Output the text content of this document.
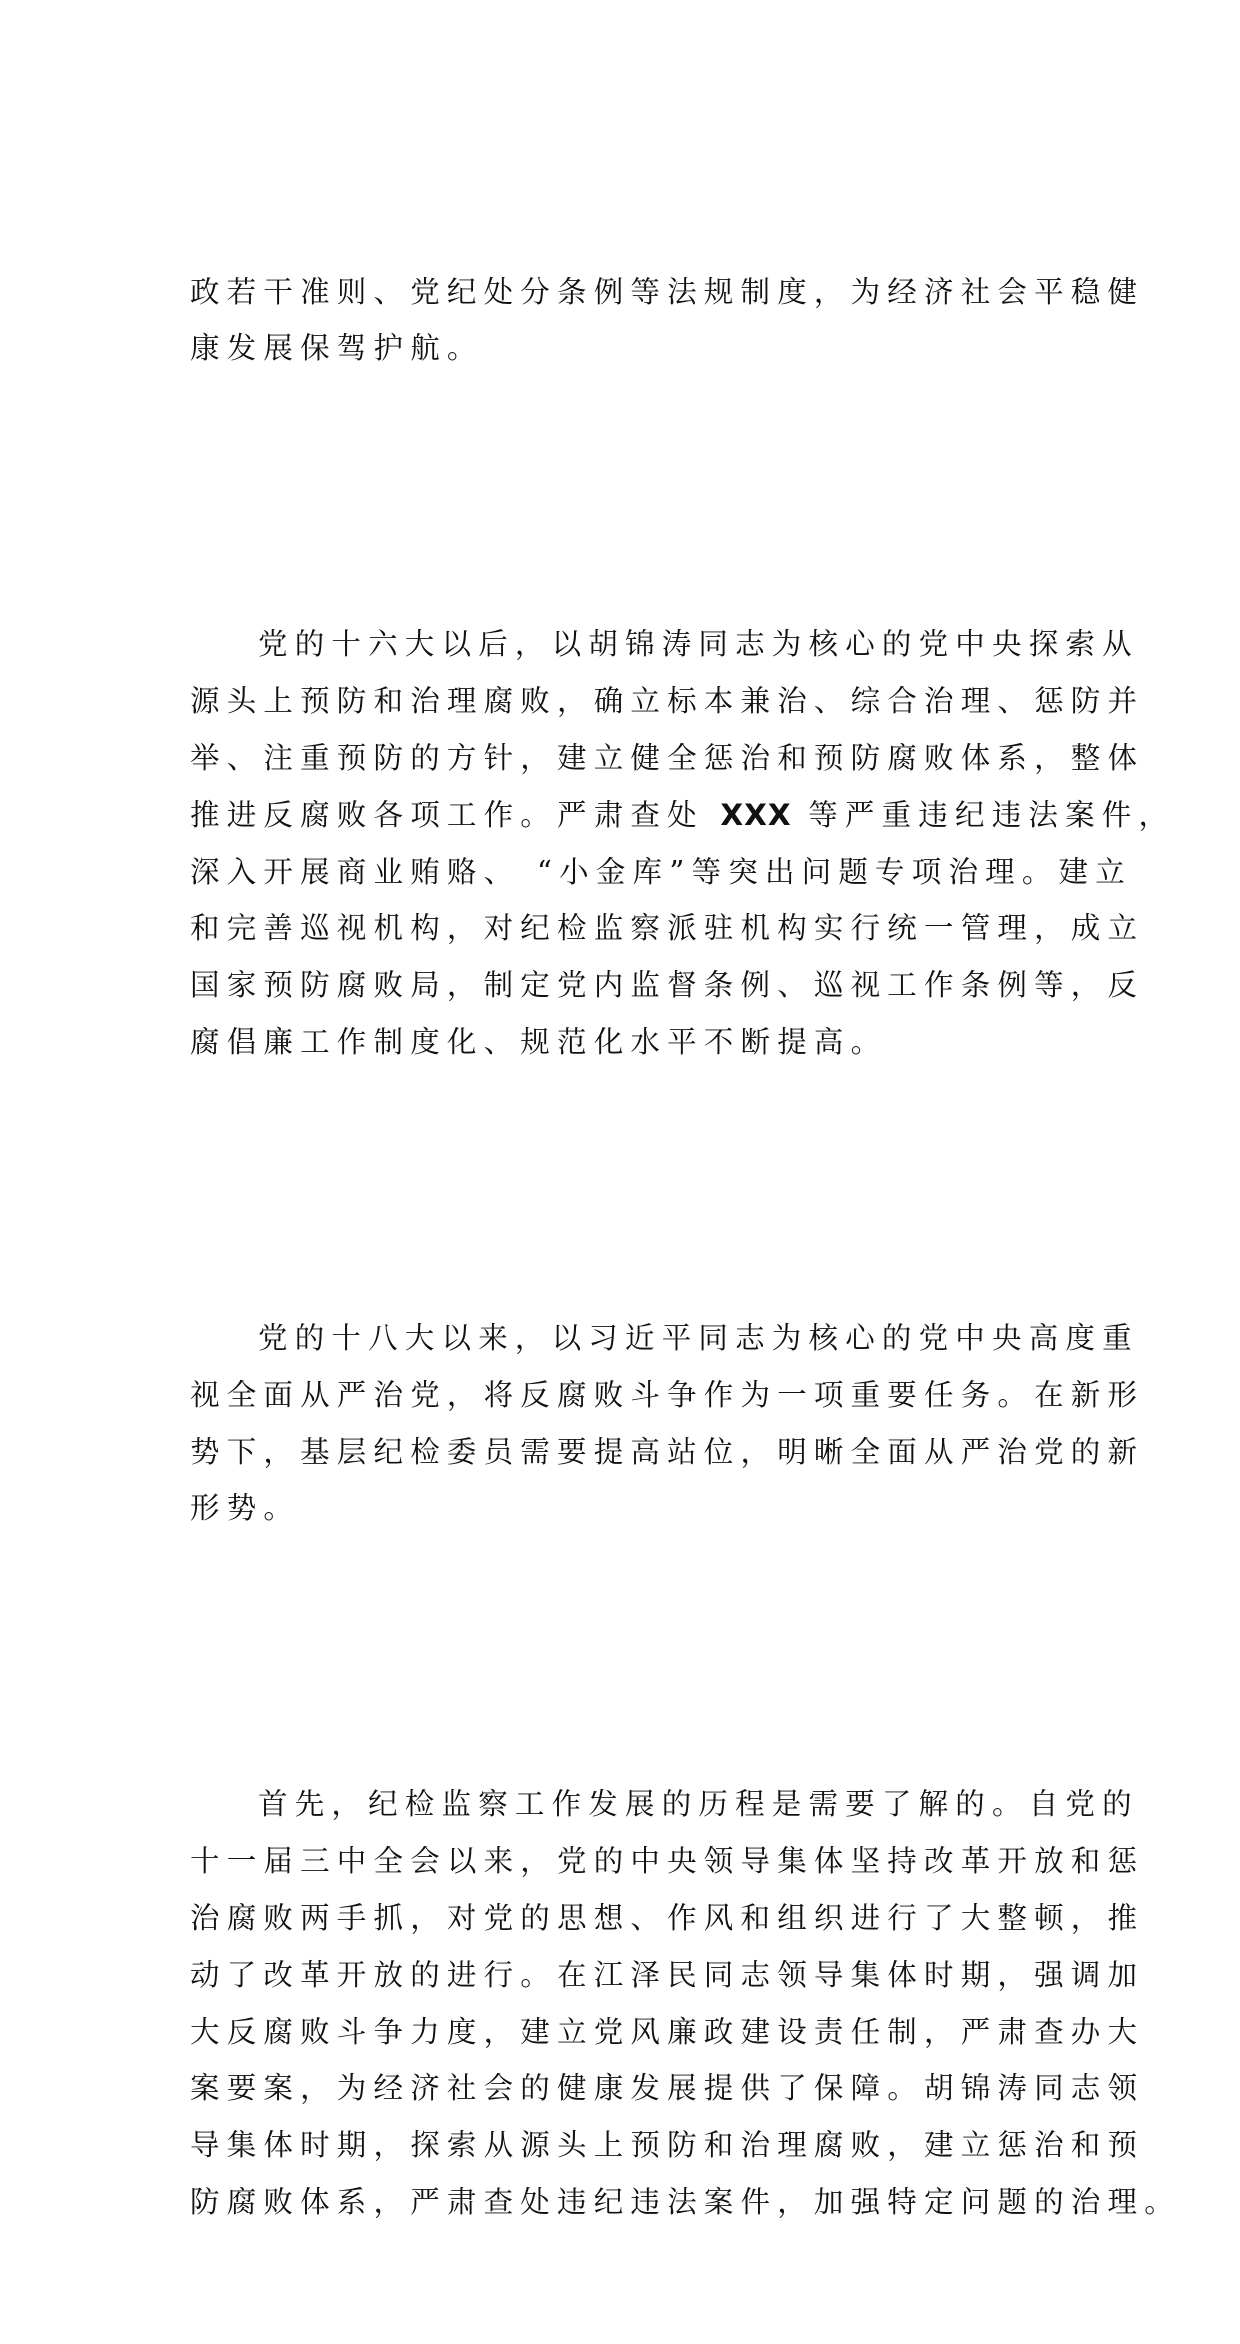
政若干准则、党纪处分条例等法规制度，为经济社会平稳健
康发展保驾护航。

党的十六大以后，以胡锦涛同志为核心的党中央探索从
源头上预防和治理腐败，确立标本兼治、综合治理、惩防并
举、注重预防的方针，建立健全惩治和预防腐败体系，整体
推进反腐败各项工作。严肃查处 XXX 等严重违纪违法案件，
深入开展商业贿赂、 “小金库”等突出问题专项治理。建立
和完善巡视机构，对纪检监察派驻机构实行统一管理，成立
国家预防腐败局，制定党内监督条例、巡视工作条例等，反
腐倡廉工作制度化、规范化水平不断提高。

党的十八大以来，以习近平同志为核心的党中央高度重
视全面从严治党，将反腐败斗争作为一项重要任务。在新形
势下，基层纪检委员需要提高站位，明晰全面从严治党的新
形势。

首先，纪检监察工作发展的历程是需要了解的。自党的
十一届三中全会以来，党的中央领导集体坚持改革开放和惩
治腐败两手抓，对党的思想、作风和组织进行了大整顿，推
动了改革开放的进行。在江泽民同志领导集体时期，强调加
大反腐败斗争力度，建立党风廉政建设责任制，严肃查办大
案要案，为经济社会的健康发展提供了保障。胡锦涛同志领
导集体时期，探索从源头上预防和治理腐败，建立惩治和预
防腐败体系，严肃查处违纪违法案件，加强特定问题的治理。
